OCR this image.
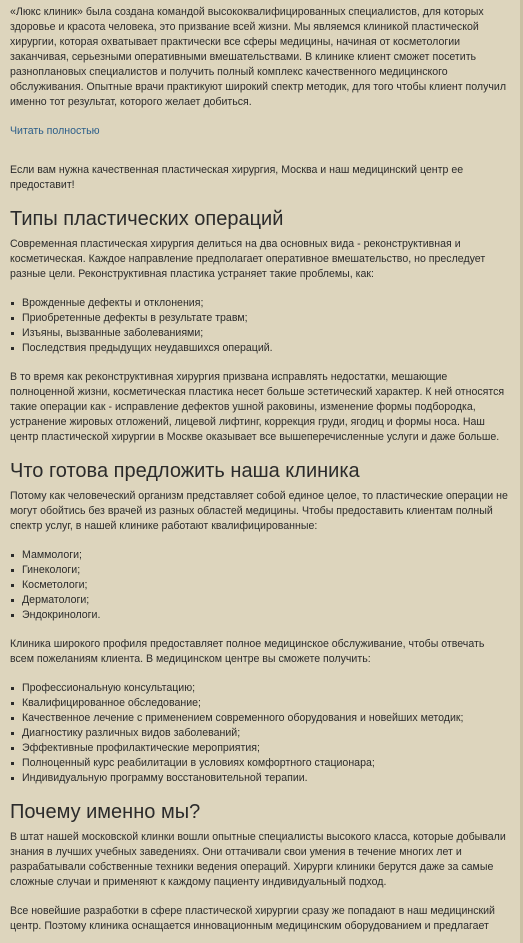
«Люкс клиник» была создана командой высококвалифицированных специалистов, для которых здоровье и красота человека, это призвание всей жизни. Мы являемся клиникой пластической хирургии, которая охватывает практически все сферы медицины, начиная от косметологии заканчивая, серьезными оперативными вмешательствами. В клинике клиент сможет посетить разноплановых специалистов и получить полный комплекс качественного медицинского обслуживания. Опытные врачи практикуют широкий спектр методик, для того чтобы клиент получил именно тот результат, которого желает добиться.

Читать полностью

Если вам нужна качественная пластическая хирургия, Москва и наш медицинский центр ее предоставит!

Типы пластических операций

Современная пластическая хирургия делиться на два основных вида - реконструктивная и косметическая. Каждое направление предполагает оперативное вмешательство, но преследует разные цели. Реконструктивная пластика устраняет такие проблемы, как:

Врожденные дефекты и отклонения;
Приобретенные дефекты в результате травм;
Изъяны, вызванные заболеваниями;
Последствия предыдущих неудавшихся операций.

В то время как реконструктивная хирургия призвана исправлять недостатки, мешающие полноценной жизни, косметическая пластика несет больше эстетический характер. К ней относятся такие операции как - исправление дефектов ушной раковины, изменение формы подбородка, устранение жировых отложений, лицевой лифтинг, коррекция груди, ягодиц и формы носа. Наш центр пластической хирургии в Москве оказывает все вышеперечисленные услуги и даже больше.

Что готова предложить наша клиника

Потому как человеческий организм представляет собой единое целое, то пластические операции не могут обойтись без врачей из разных областей медицины. Чтобы предоставить клиентам полный спектр услуг, в нашей клинике работают квалифицированные:

Маммологи;
Гинекологи;
Косметологи;
Дерматологи;
Эндокринологи.

Клиника широкого профиля предоставляет полное медицинское обслуживание, чтобы отвечать всем пожеланиям клиента. В медицинском центре вы сможете получить:

Профессиональную консультацию;
Квалифицированное обследование;
Качественное лечение с применением современного оборудования и новейших методик;
Диагностику различных видов заболеваний;
Эффективные профилактические мероприятия;
Полноценный курс реабилитации в условиях комфортного стационара;
Индивидуальную программу восстановительной терапии.
Почему именно мы?

В штат нашей московской клинки вошли опытные специалисты высокого класса, которые добывали знания в лучших учебных заведениях. Они оттачивали свои умения в течение многих лет и разрабатывали собственные техники ведения операций. Хирурги клиники берутся даже за самые сложные случаи и применяют к каждому пациенту индивидуальный подход.

Все новейшие разработки в сфере пластической хирургии сразу же попадают в наш медицинский центр. Поэтому клиника оснащается инновационным медицинским оборудованием и предлагает
